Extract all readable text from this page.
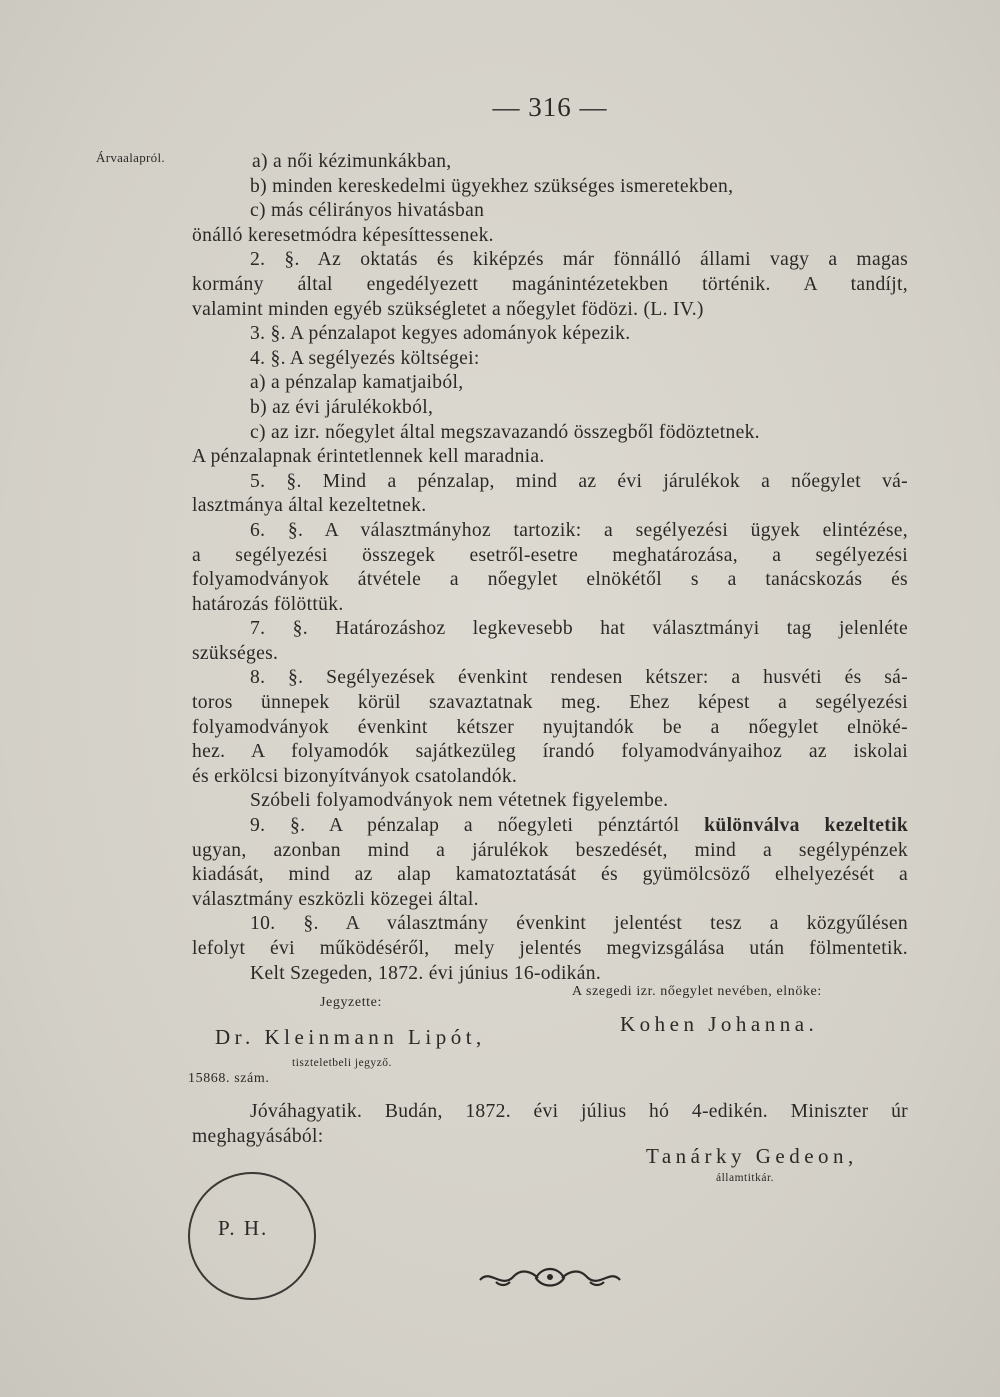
— 316 —
Árvaalapról.	a) a női kézimunkákban,
b) minden kereskedelmi ügyekhez szükséges ismeretekben,
c) más célirányos hivatásban
önálló keresetmódra képesíttessenek.
2. §. Az oktatás és kiképzés már fönnálló állami vagy a magas
kormány által engedélyezett magánintézetekben történik. A tandíjt,
valamint minden egyéb szükségletet a nőegylet födözi. (L. IV.)
3. §. A pénzalapot kegyes adományok képezik.
4. §. A segélyezés költségei:
a) a pénzalap kamatjaiból,
b) az évi járulékokból,
c) az izr. nőegylet által megszavazandó összegből födöztetnek.
A pénzalapnak érintetlennek kell maradnia.
5. §. Mind a pénzalap, mind az évi járulékok a nőegylet vá-
lasztmánya által kezeltetnek.
6. §. A választmányhoz tartozik: a segélyezési ügyek elintézése,
a segélyezési összegek esetről-esetre meghatározása, a segélyezési
folyamodványok átvétele a nőegylet elnökétől s a tanácskozás és
határozás fölöttük.
7. §. Határozáshoz legkevesebb hat választmányi tag jelenléte
szükséges.
8. §. Segélyezések évenkint rendesen kétszer: a husvéti és sá-
toros ünnepek körül szavaztatnak meg. Ehez képest a segélyezési
folyamodványok évenkint kétszer nyujtandók be a nőegylet elnöké-
hez. A folyamodók sajátkezüleg írandó folyamodványaihoz az iskolai
és erkölcsi bizonyítványok csatolandók.
Szóbeli folyamodványok nem vétetnek figyelembe.
9. §. A pénzalap a nőegyleti pénztártól különválva kezeltetik
ugyan, azonban mind a járulékok beszedését, mind a segélypénzek
kiadását, mind az alap kamatoztatását és gyümölcsöző elhelyezését a
választmány eszközli közegei által.
10. §. A választmány évenkint jelentést tesz a közgyűlésen
lefolyt évi működéséről, mely jelentés megvizsgálása után fölmentetik.
Kelt Szegeden, 1872. évi június 16-odikán.
Jegyzette:
A szegedi izr. nőegylet nevében, elnöke:
Dr. Kleinmann Lipót,
Kohen Johanna.
tiszteletbeli jegyző.
15868. szám.
Jóváhagyatik. Budán, 1872. évi július hó 4-edikén. Miniszter úr
meghagyásából:
Tanárky Gedeon,
államtitkár.
P. H.
